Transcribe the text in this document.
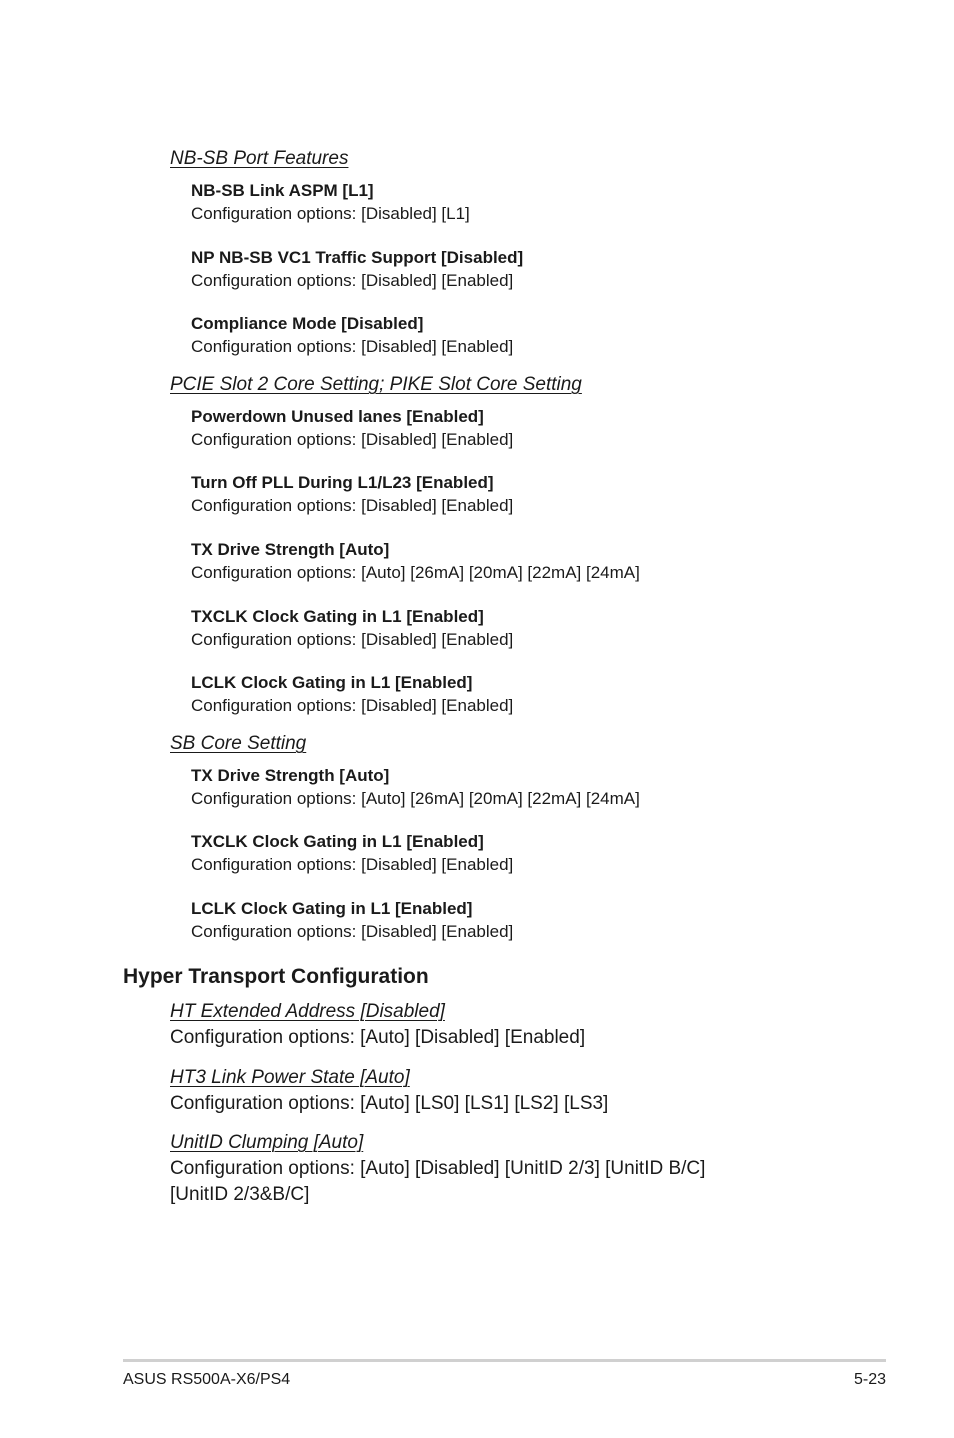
NB-SB Port Features
NB-SB Link ASPM [L1]
Configuration options: [Disabled] [L1]
NP NB-SB VC1 Traffic Support [Disabled]
Configuration options: [Disabled] [Enabled]
Compliance Mode [Disabled]
Configuration options: [Disabled] [Enabled]
PCIE Slot 2 Core Setting; PIKE Slot Core Setting
Powerdown Unused lanes [Enabled]
Configuration options: [Disabled] [Enabled]
Turn Off PLL During L1/L23 [Enabled]
Configuration options: [Disabled] [Enabled]
TX Drive Strength [Auto]
Configuration options: [Auto] [26mA] [20mA] [22mA] [24mA]
TXCLK Clock Gating in L1 [Enabled]
Configuration options: [Disabled] [Enabled]
LCLK Clock Gating in L1 [Enabled]
Configuration options: [Disabled] [Enabled]
SB Core Setting
TX Drive Strength [Auto]
Configuration options: [Auto] [26mA] [20mA] [22mA] [24mA]
TXCLK Clock Gating in L1 [Enabled]
Configuration options: [Disabled] [Enabled]
LCLK Clock Gating in L1 [Enabled]
Configuration options: [Disabled] [Enabled]
Hyper Transport Configuration
HT Extended Address [Disabled]
Configuration options: [Auto] [Disabled] [Enabled]
HT3 Link Power State [Auto]
Configuration options: [Auto] [LS0] [LS1] [LS2] [LS3]
UnitID Clumping [Auto]
Configuration options: [Auto] [Disabled] [UnitID 2/3] [UnitID B/C]
[UnitID 2/3&B/C]
ASUS RS500A-X6/PS4	5-23
